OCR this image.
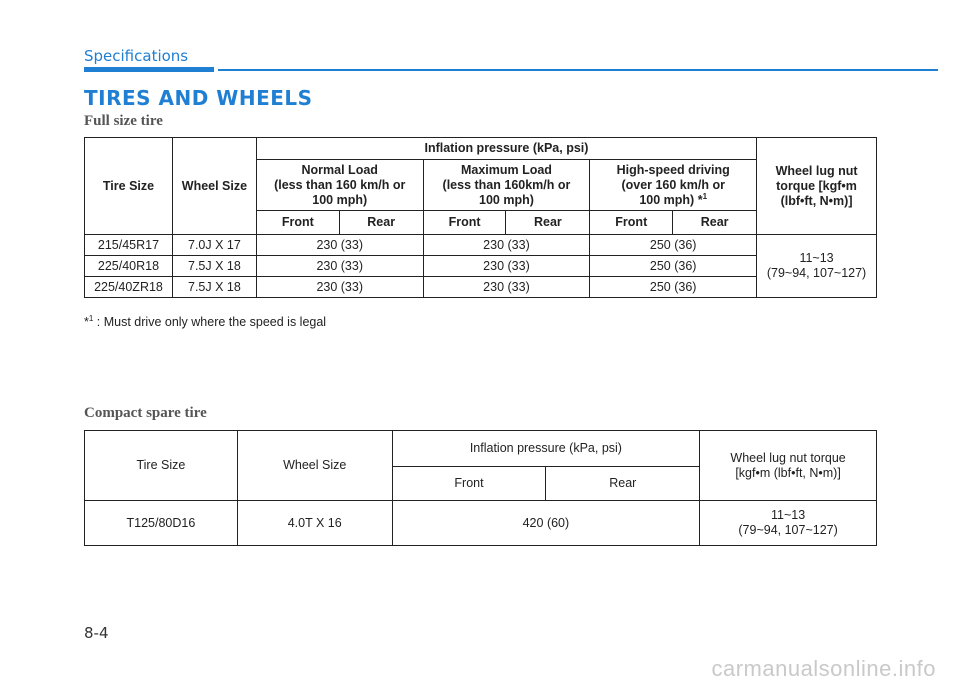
Specifications
TIRES AND WHEELS
Full size tire
Tire Size	Wheel Size	Inflation pressure (kPa, psi)						Wheel lug nut
torque [kgf•m
(lbf•ft, N•m)]
		Normal Load
(less than 160 km/h or
100 mph)		Maximum Load
(less than 160km/h or
100 mph)		High-speed driving
(over 160 km/h or
100 mph) *$^1$
		Front	Rear	Front	Rear	Front	Rear	
215/45R17	7.0J X 17	230 (33)		230 (33)		250 (36)		11~13
(79~94, 107~127)
225/40R18	7.5J X 18	230 (33)		230 (33)		250 (36)		
225/40ZR18	7.5J X 18	230 (33)		230 (33)		250 (36)		
*$^1$ : Must drive only where the speed is legal
Compact spare tire
Tire Size	Wheel Size	Inflation pressure (kPa, psi)		Wheel lug nut torque
[kgf•m (lbf•ft, N•m)]
		Front	Rear	
T125/80D16	4.0T X 16	420 (60)		11~13
(79~94, 107~127)
8-4
carmanualsonline.info
